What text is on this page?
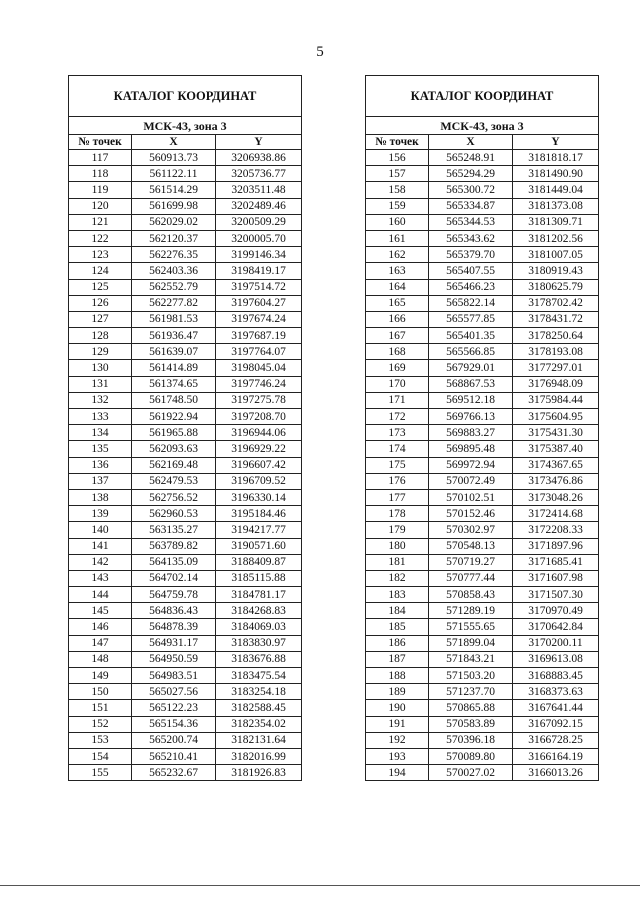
5
КАТАЛОГ КООРДИНАТ		
МСК-43, зона 3		
№ точек	X	Y
117	560913.73	3206938.86
118	561122.11	3205736.77
119	561514.29	3203511.48
120	561699.98	3202489.46
121	562029.02	3200509.29
122	562120.37	3200005.70
123	562276.35	3199146.34
124	562403.36	3198419.17
125	562552.79	3197514.72
126	562277.82	3197604.27
127	561981.53	3197674.24
128	561936.47	3197687.19
129	561639.07	3197764.07
130	561414.89	3198045.04
131	561374.65	3197746.24
132	561748.50	3197275.78
133	561922.94	3197208.70
134	561965.88	3196944.06
135	562093.63	3196929.22
136	562169.48	3196607.42
137	562479.53	3196709.52
138	562756.52	3196330.14
139	562960.53	3195184.46
140	563135.27	3194217.77
141	563789.82	3190571.60
142	564135.09	3188409.87
143	564702.14	3185115.88
144	564759.78	3184781.17
145	564836.43	3184268.83
146	564878.39	3184069.03
147	564931.17	3183830.97
148	564950.59	3183676.88
149	564983.51	3183475.54
150	565027.56	3183254.18
151	565122.23	3182588.45
152	565154.36	3182354.02
153	565200.74	3182131.64
154	565210.41	3182016.99
155	565232.67	3181926.83
КАТАЛОГ КООРДИНАТ		
МСК-43, зона 3		
№ точек	X	Y
156	565248.91	3181818.17
157	565294.29	3181490.90
158	565300.72	3181449.04
159	565334.87	3181373.08
160	565344.53	3181309.71
161	565343.62	3181202.56
162	565379.70	3181007.05
163	565407.55	3180919.43
164	565466.23	3180625.79
165	565822.14	3178702.42
166	565577.85	3178431.72
167	565401.35	3178250.64
168	565566.85	3178193.08
169	567929.01	3177297.01
170	568867.53	3176948.09
171	569512.18	3175984.44
172	569766.13	3175604.95
173	569883.27	3175431.30
174	569895.48	3175387.40
175	569972.94	3174367.65
176	570072.49	3173476.86
177	570102.51	3173048.26
178	570152.46	3172414.68
179	570302.97	3172208.33
180	570548.13	3171897.96
181	570719.27	3171685.41
182	570777.44	3171607.98
183	570858.43	3171507.30
184	571289.19	3170970.49
185	571555.65	3170642.84
186	571899.04	3170200.11
187	571843.21	3169613.08
188	571503.20	3168883.45
189	571237.70	3168373.63
190	570865.88	3167641.44
191	570583.89	3167092.15
192	570396.18	3166728.25
193	570089.80	3166164.19
194	570027.02	3166013.26
